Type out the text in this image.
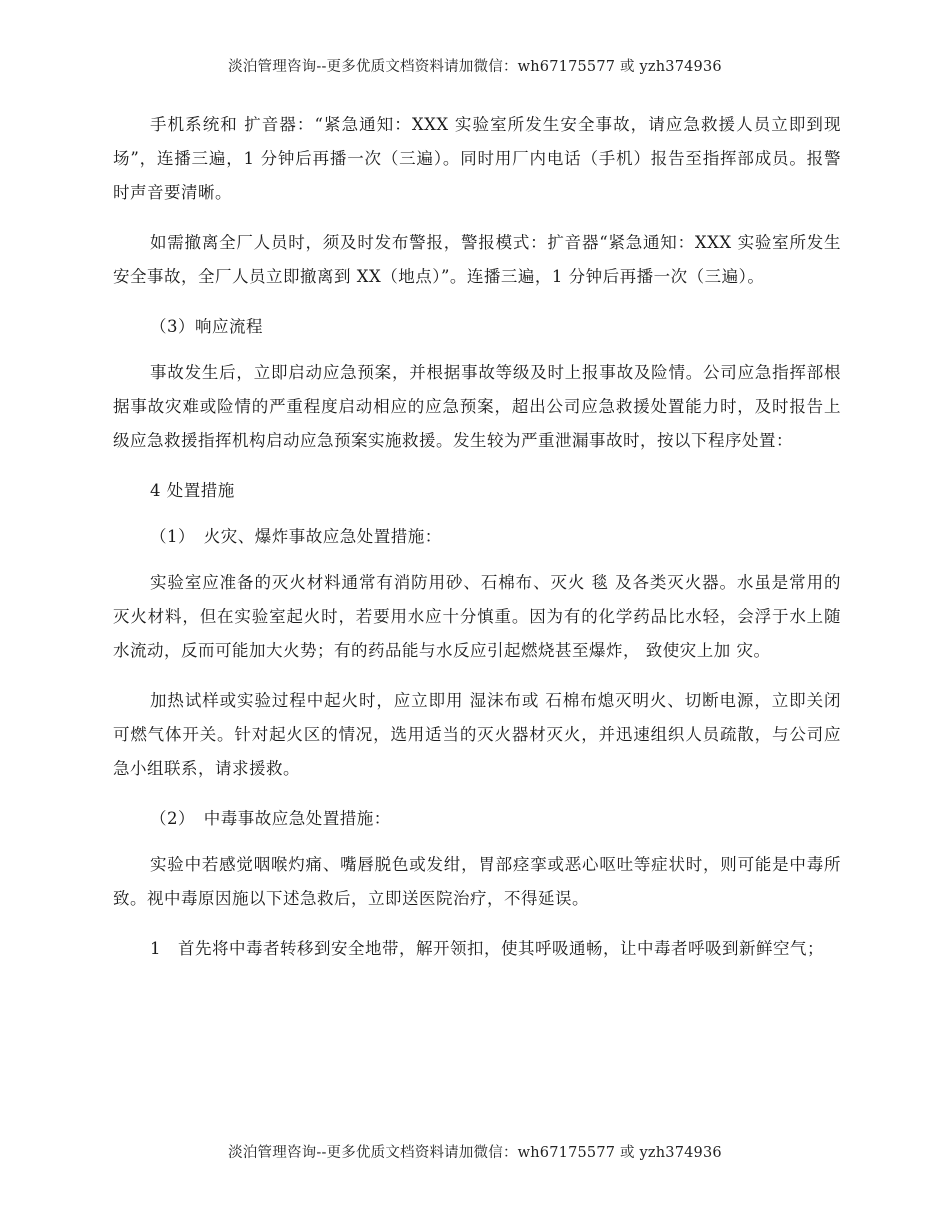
淡泊管理咨询--更多优质文档资料请加微信：wh67175577 或 yzh374936

手机系统和 扩音器：“紧急通知：XXX 实验室所发生安全事故，请应急救援人员立即到现场”，连播三遍，1 分钟后再播一次（三遍）。同时用厂内电话（手机）报告至指挥部成员。报警时声音要清晰。

如需撤离全厂人员时，须及时发布警报，警报模式：扩音器“紧急通知：XXX 实验室所发生安全事故，全厂人员立即撤离到 XX（地点）”。连播三遍，1 分钟后再播一次（三遍）。

（3）响应流程

事故发生后，立即启动应急预案，并根据事故等级及时上报事故及险情。公司应急指挥部根据事故灾难或险情的严重程度启动相应的应急预案，超出公司应急救援处置能力时，及时报告上级应急救援指挥机构启动应急预案实施救援。发生较为严重泄漏事故时，按以下程序处置：

4 处置措施

（1）　火灾、爆炸事故应急处置措施：

实验室应准备的灭火材料通常有消防用砂、石棉布、灭火 毯 及各类灭火器。水虽是常用的灭火材料，但在实验室起火时，若要用水应十分慎重。因为有的化学药品比水轻，会浮于水上随水流动，反而可能加大火势；有的药品能与水反应引起燃烧甚至爆炸， 致使灾上加 灾。

加热试样或实验过程中起火时，应立即用 湿沫布或 石棉布熄灭明火、切断电源，立即关闭可燃气体开关。针对起火区的情况，选用适当的灭火器材灭火，并迅速组织人员疏散，与公司应急小组联系，请求援救。

（2）　中毒事故应急处置措施：

实验中若感觉咽喉灼痛、嘴唇脱色或发绀，胃部痉挛或恶心呕吐等症状时，则可能是中毒所致。视中毒原因施以下述急救后，立即送医院治疗，不得延误。

1　首先将中毒者转移到安全地带，解开领扣，使其呼吸通畅，让中毒者呼吸到新鲜空气；

淡泊管理咨询--更多优质文档资料请加微信：wh67175577 或 yzh374936
